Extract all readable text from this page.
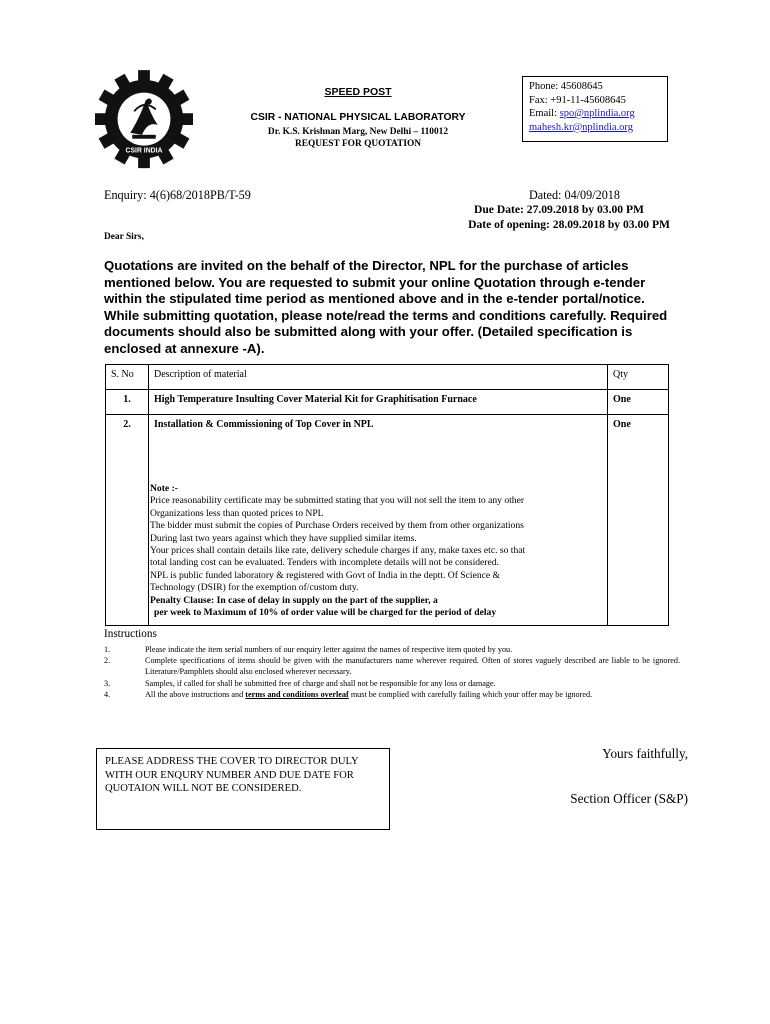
CSIR INDIA
SPEED POST
CSIR - NATIONAL PHYSICAL LABORATORY
Dr. K.S. Krishnan Marg, New Delhi – 110012
REQUEST FOR QUOTATION
Phone: 45608645
Fax: +91-11-45608645
Email: spo@nplindia.org
mahesh.kr@nplindia.org
Enquiry: 4(6)68/2018PB/T-59	Dated: 04/09/2018
Due Date: 27.09.2018 by 03.00 PM
Date of opening: 28.09.2018 by 03.00 PM
Dear Sirs,
Quotations are invited on the behalf of the Director, NPL for the purchase of articles mentioned below. You are requested to submit your online Quotation through e-tender within the stipulated time period as mentioned above and in the e-tender portal/notice. While submitting quotation, please note/read the terms and conditions carefully. Required documents should also be submitted along with your offer. (Detailed specification is enclosed at annexure -A).
S. No	Description of material	Qty
1.	High Temperature Insulting Cover Material Kit for Graphitisation Furnace	One
2.	Installation & Commissioning of Top Cover in NPL	One
Note :-
Price reasonability certificate may be submitted stating that you will not sell the item to any other
Organizations less than quoted prices to NPL
The bidder must submit the copies of Purchase Orders received by them from other organizations
During last two years against which they have supplied similar items.
Your prices shall contain details like rate, delivery schedule charges if any, make taxes etc. so that
total landing cost can be evaluated. Tenders with incomplete details will not be considered.
NPL is public funded laboratory & registered with Govt of India in the deptt. Of Science &
Technology (DSIR) for the exemption of/custom duty.
Penalty Clause: In case of delay in supply on the part of the supplier, a
per week to Maximum of 10% of order value will be charged for the period of delay
Instructions
1.	Please indicate the item serial numbers of our enquiry letter against the names of respective item quoted by you.
2.	Complete specifications of items should be given with the manufacturers name wherever required. Often of stores vaguely described are liable to be ignored. Literature/Pamphlets should also enclosed wherever necessary.
3.	Samples, if called for shall be submitted free of charge and shall not be responsible for any loss or damage.
4.	All the above instructions and terms and conditions overleaf must be complied with carefully failing which your offer may be ignored.
PLEASE ADDRESS THE COVER TO DIRECTOR DULY WITH OUR ENQURY NUMBER AND DUE DATE FOR QUOTAION WILL NOT BE CONSIDERED.
Yours faithfully,
Section Officer (S&P)
